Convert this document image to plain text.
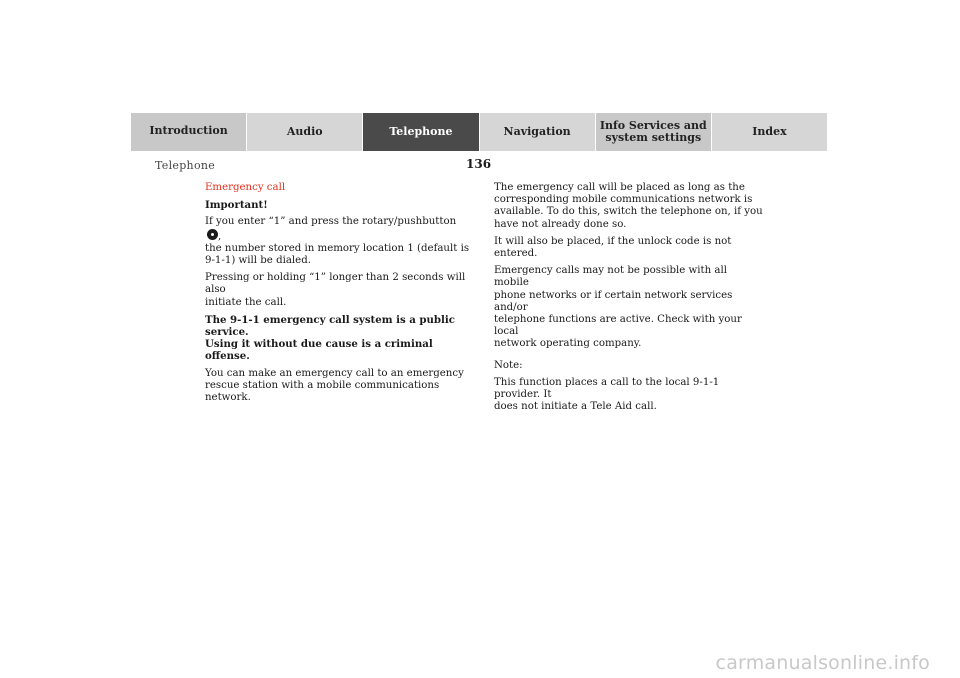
Introduction	Audio	Telephone	Navigation	Info Services and
system settings	Index
136
Telephone

Emergency call

Important!

If you enter “1” and press the rotary/pushbutton ,
the number stored in memory location 1 (default is
9-1-1) will be dialed.

Pressing or holding “1” longer than 2 seconds will also
initiate the call.

The 9-1-1 emergency call system is a public service.
Using it without due cause is a criminal offense.

You can make an emergency call to an emergency
rescue station with a mobile communications network.

The emergency call will be placed as long as the
corresponding mobile communications network is
available. To do this, switch the telephone on, if you
have not already done so.

It will also be placed, if the unlock code is not entered.

Emergency calls may not be possible with all mobile
phone networks or if certain network services and/or
telephone functions are active. Check with your local
network operating company.

Note:

This function places a call to the local 9-1-1 provider. It
does not initiate a Tele Aid call.

carmanualsonline.info
